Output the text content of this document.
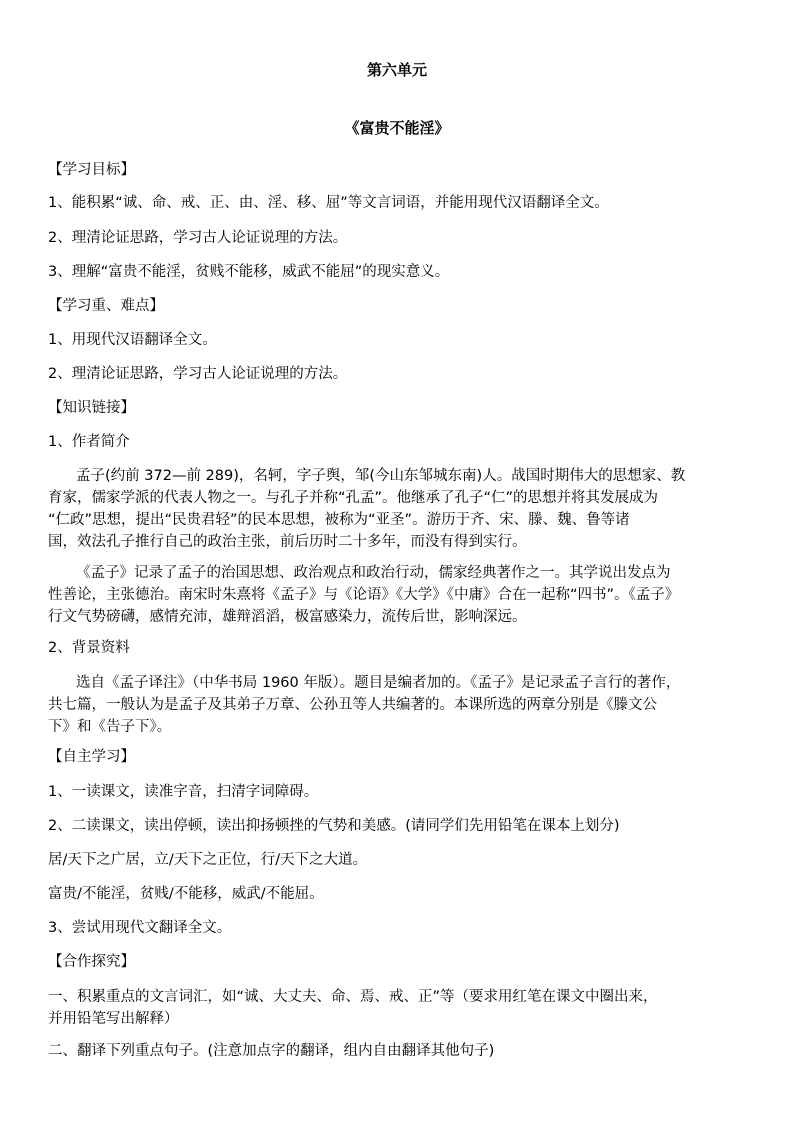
第六单元
《富贵不能淫》
【学习目标】
1、能积累“诚、命、戒、正、由、淫、移、屈”等文言词语，并能用现代汉语翻译全文。
2、理清论证思路，学习古人论证说理的方法。
3、理解“富贵不能淫，贫贱不能移，威武不能屈”的现实意义。
【学习重、难点】
1、用现代汉语翻译全文。
2、理清论证思路，学习古人论证说理的方法。
【知识链接】
1、作者简介
孟子(约前 372—前 289)，名轲，字子舆，邹(今山东邹城东南)人。战国时期伟大的思想家、教
育家，儒家学派的代表人物之一。与孔子并称“孔孟”。他继承了孔子“仁”的思想并将其发展成为
“仁政”思想，提出“民贵君轻”的民本思想，被称为“亚圣”。游历于齐、宋、滕、魏、鲁等诸
国，效法孔子推行自己的政治主张，前后历时二十多年，而没有得到实行。
《孟子》记录了孟子的治国思想、政治观点和政治行动，儒家经典著作之一。其学说出发点为
性善论，主张德治。南宋时朱熹将《孟子》与《论语》《大学》《中庸》合在一起称“四书”。《孟子》
行文气势磅礴，感情充沛，雄辩滔滔，极富感染力，流传后世，影响深远。
2、背景资料
选自《孟子译注》（中华书局 1960 年版）。题目是编者加的。《孟子》是记录孟子言行的著作，
共七篇，一般认为是孟子及其弟子万章、公孙丑等人共编著的。本课所选的两章分别是《滕文公
下》和《告子下》。
【自主学习】
1、一读课文，读准字音，扫清字词障碍。
2、二读课文，读出停顿，读出抑扬顿挫的气势和美感。(请同学们先用铅笔在课本上划分)
居/天下之广居，立/天下之正位，行/天下之大道。
富贵/不能淫，贫贱/不能移，威武/不能屈。
3、尝试用现代文翻译全文。
【合作探究】
一、积累重点的文言词汇，如“诚、大丈夫、命、焉、戒、正”等（要求用红笔在课文中圈出来，
并用铅笔写出解释）
二、翻译下列重点句子。(注意加点字的翻译，组内自由翻译其他句子)
